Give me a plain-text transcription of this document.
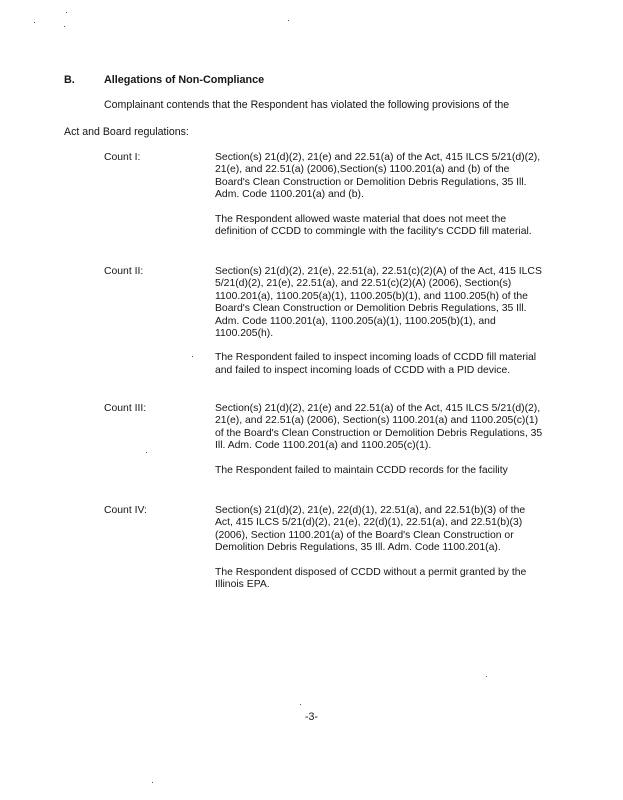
B.	Allegations of Non-Compliance
Complainant contends that the Respondent has violated the following provisions of the
Act and Board regulations:
Count I:	Section(s) 21(d)(2), 21(e) and 22.51(a) of the Act, 415 ILCS 5/21(d)(2), 21(e), and 22.51(a) (2006),Section(s) 1100.201(a) and (b) of the Board's Clean Construction or Demolition Debris Regulations, 35 Ill. Adm. Code 1100.201(a) and (b).

The Respondent allowed waste material that does not meet the definition of CCDD to commingle with the facility's CCDD fill material.

Count II:	Section(s) 21(d)(2), 21(e), 22.51(a), 22.51(c)(2)(A) of the Act, 415 ILCS 5/21(d)(2), 21(e), 22.51(a), and 22.51(c)(2)(A) (2006), Section(s) 1100.201(a), 1100.205(a)(1), 1100.205(b)(1), and 1100.205(h) of the Board's Clean Construction or Demolition Debris Regulations, 35 Ill. Adm. Code 1100.201(a), 1100.205(a)(1), 1100.205(b)(1), and 1100.205(h).

The Respondent failed to inspect incoming loads of CCDD fill material and failed to inspect incoming loads of CCDD with a PID device.

Count III:	Section(s) 21(d)(2), 21(e) and 22.51(a) of the Act, 415 ILCS 5/21(d)(2), 21(e), and 22.51(a) (2006), Section(s) 1100.201(a) and 1100.205(c)(1) of the Board's Clean Construction or Demolition Debris Regulations, 35 Ill. Adm. Code 1100.201(a) and 1100.205(c)(1).

The Respondent failed to maintain CCDD records for the facility

Count IV:	Section(s) 21(d)(2), 21(e), 22(d)(1), 22.51(a), and 22.51(b)(3) of the Act, 415 ILCS 5/21(d)(2), 21(e), 22(d)(1), 22.51(a), and 22.51(b)(3) (2006), Section 1100.201(a) of the Board's Clean Construction or Demolition Debris Regulations, 35 Ill. Adm. Code 1100.201(a).

The Respondent disposed of CCDD without a permit granted by the Illinois EPA.

-3-
